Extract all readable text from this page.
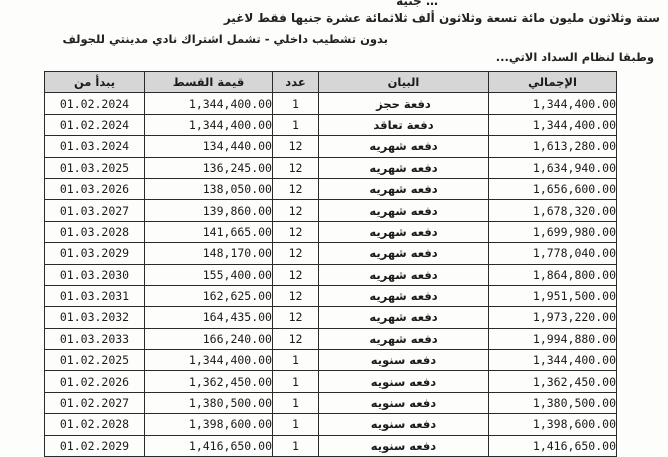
… جنيه
ستة وثلاثون مليون مائة تسعة وثلاثون ألف ثلاثمائة عشرة جنيها فقط لاغير
بدون تشطيب داخلي - تشمل اشتراك نادي مدينتي للجولف
وطبقا لنظام السداد الاتي...
يبدأ من	قيمة القسط	عدد	البيان	الإجمالي
01.02.2024	1,344,400.00	1	دفعة حجز	1,344,400.00
01.02.2024	1,344,400.00	1	دفعة تعاقد	1,344,400.00
01.03.2024	134,440.00	12	دفعه شهريه	1,613,280.00
01.03.2025	136,245.00	12	دفعه شهريه	1,634,940.00
01.03.2026	138,050.00	12	دفعه شهريه	1,656,600.00
01.03.2027	139,860.00	12	دفعه شهريه	1,678,320.00
01.03.2028	141,665.00	12	دفعه شهريه	1,699,980.00
01.03.2029	148,170.00	12	دفعه شهريه	1,778,040.00
01.03.2030	155,400.00	12	دفعه شهريه	1,864,800.00
01.03.2031	162,625.00	12	دفعه شهريه	1,951,500.00
01.03.2032	164,435.00	12	دفعه شهريه	1,973,220.00
01.03.2033	166,240.00	12	دفعه شهريه	1,994,880.00
01.02.2025	1,344,400.00	1	دفعه سنويه	1,344,400.00
01.02.2026	1,362,450.00	1	دفعه سنويه	1,362,450.00
01.02.2027	1,380,500.00	1	دفعه سنويه	1,380,500.00
01.02.2028	1,398,600.00	1	دفعه سنويه	1,398,600.00
01.02.2029	1,416,650.00	1	دفعه سنويه	1,416,650.00
